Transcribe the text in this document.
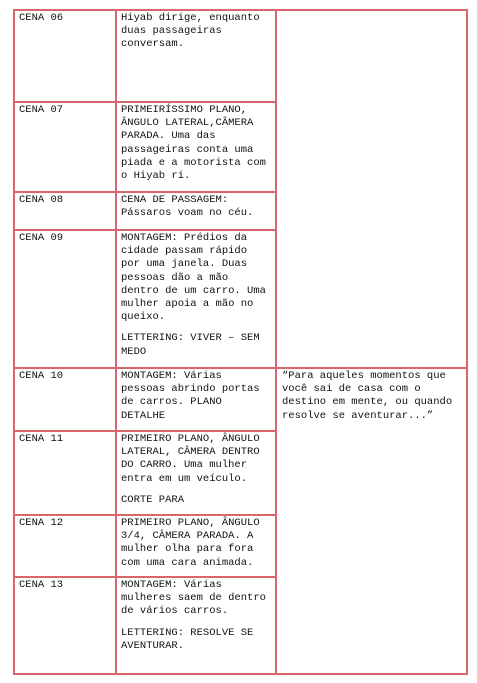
CENA 06	Hiyab dirige, enquanto duas passageiras conversam.

CENA 07	PRIMEIRÍSSIMO PLANO, ÂNGULO LATERAL,CÂMERA PARADA. Uma das passageiras conta uma piada e a motorista com o Hiyab ri.

CENA 08	CENA DE PASSAGEM: Pássaros voam no céu.

CENA 09	MONTAGEM: Prédios da cidade passam rápido por uma janela. Duas pessoas dão a mão dentro de um carro. Uma mulher apoia a mão no queixo.

LETTERING: VIVER – SEM MEDO

CENA 10	MONTAGEM: Várias pessoas abrindo portas de carros. PLANO DETALHE

CENA 11	PRIMEIRO PLANO, ÂNGULO LATERAL, CÂMERA DENTRO DO CARRO. Uma mulher entra em um veículo.

CORTE PARA

CENA 12	PRIMEIRO PLANO, ÂNGULO 3/4, CÂMERA PARADA. A mulher olha para fora com uma cara animada.

CENA 13	MONTAGEM: Várias mulheres saem de dentro de vários carros.

LETTERING: RESOLVE SE AVENTURAR.

“Para aqueles momentos que você sai de casa com o destino em mente, ou quando resolve se aventurar...”
